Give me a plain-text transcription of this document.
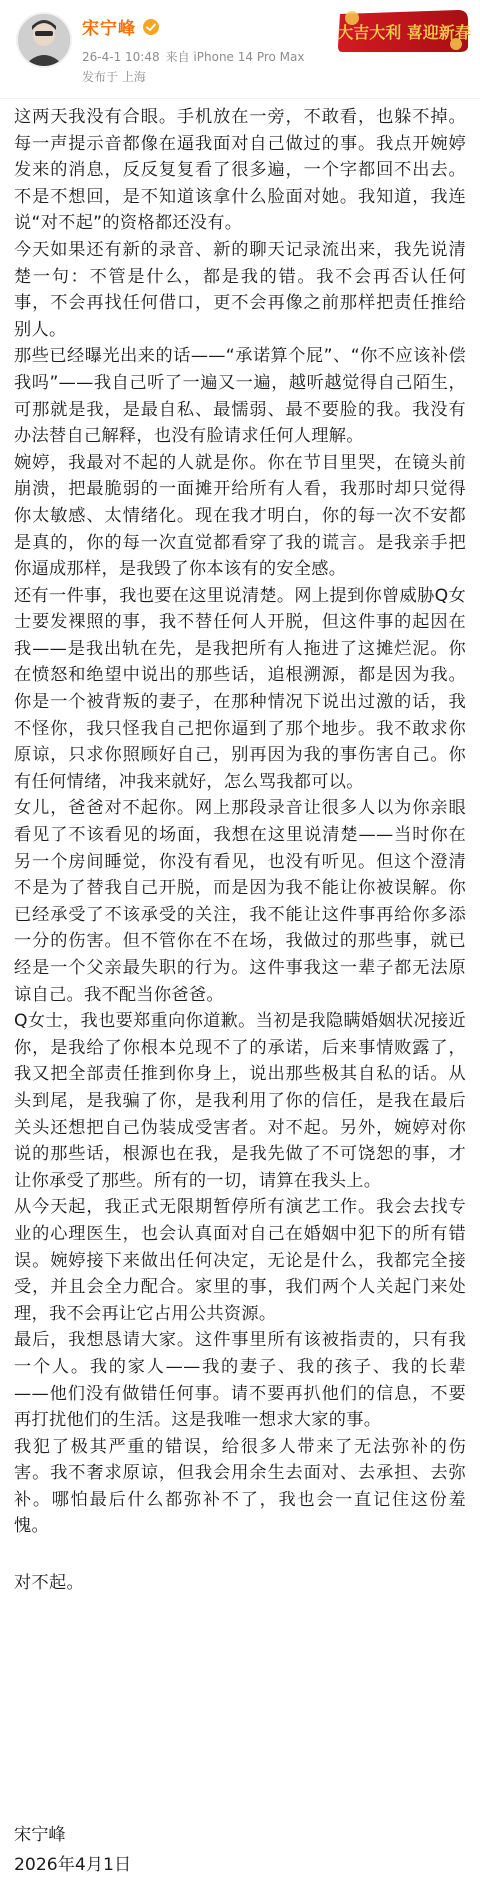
宋宁峰
26-4-1 10:48 来自 iPhone 14 Pro Max
发布于 上海
大吉大利 喜迎新春

这两天我没有合眼。手机放在一旁，不敢看，也躲不掉。每一声提示音都像在逼我面对自己做过的事。我点开婉婷发来的消息，反反复复看了很多遍，一个字都回不出去。不是不想回，是不知道该拿什么脸面对她。我知道，我连说“对不起”的资格都还没有。

今天如果还有新的录音、新的聊天记录流出来，我先说清楚一句：不管是什么，都是我的错。我不会再否认任何事，不会再找任何借口，更不会再像之前那样把责任推给别人。

那些已经曝光出来的话——“承诺算个屁”、“你不应该补偿我吗”——我自己听了一遍又一遍，越听越觉得自己陌生，可那就是我，是最自私、最懦弱、最不要脸的我。我没有办法替自己解释，也没有脸请求任何人理解。

婉婷，我最对不起的人就是你。你在节目里哭，在镜头前崩溃，把最脆弱的一面摊开给所有人看，我那时却只觉得你太敏感、太情绪化。现在我才明白，你的每一次不安都是真的，你的每一次直觉都看穿了我的谎言。是我亲手把你逼成那样，是我毁了你本该有的安全感。

还有一件事，我也要在这里说清楚。网上提到你曾威胁Q女士要发裸照的事，我不替任何人开脱，但这件事的起因在我——是我出轨在先，是我把所有人拖进了这摊烂泥。你在愤怒和绝望中说出的那些话，追根溯源，都是因为我。你是一个被背叛的妻子，在那种情况下说出过激的话，我不怪你，我只怪我自己把你逼到了那个地步。我不敢求你原谅，只求你照顾好自己，别再因为我的事伤害自己。你有任何情绪，冲我来就好，怎么骂我都可以。

女儿，爸爸对不起你。网上那段录音让很多人以为你亲眼看见了不该看见的场面，我想在这里说清楚——当时你在另一个房间睡觉，你没有看见，也没有听见。但这个澄清不是为了替我自己开脱，而是因为我不能让你被误解。你已经承受了不该承受的关注，我不能让这件事再给你多添一分的伤害。但不管你在不在场，我做过的那些事，就已经是一个父亲最失职的行为。这件事我这一辈子都无法原谅自己。我不配当你爸爸。

Q女士，我也要郑重向你道歉。当初是我隐瞒婚姻状况接近你，是我给了你根本兑现不了的承诺，后来事情败露了，我又把全部责任推到你身上，说出那些极其自私的话。从头到尾，是我骗了你，是我利用了你的信任，是我在最后关头还想把自己伪装成受害者。对不起。另外，婉婷对你说的那些话，根源也在我，是我先做了不可饶恕的事，才让你承受了那些。所有的一切，请算在我头上。

从今天起，我正式无限期暂停所有演艺工作。我会去找专业的心理医生，也会认真面对自己在婚姻中犯下的所有错误。婉婷接下来做出任何决定，无论是什么，我都完全接受，并且会全力配合。家里的事，我们两个人关起门来处理，我不会再让它占用公共资源。

最后，我想恳请大家。这件事里所有该被指责的，只有我一个人。我的家人——我的妻子、我的孩子、我的长辈——他们没有做错任何事。请不要再扒他们的信息，不要再打扰他们的生活。这是我唯一想求大家的事。

我犯了极其严重的错误，给很多人带来了无法弥补的伤害。我不奢求原谅，但我会用余生去面对、去承担、去弥补。哪怕最后什么都弥补不了，我也会一直记住这份羞愧。

对不起。

宋宁峰
2026年4月1日
